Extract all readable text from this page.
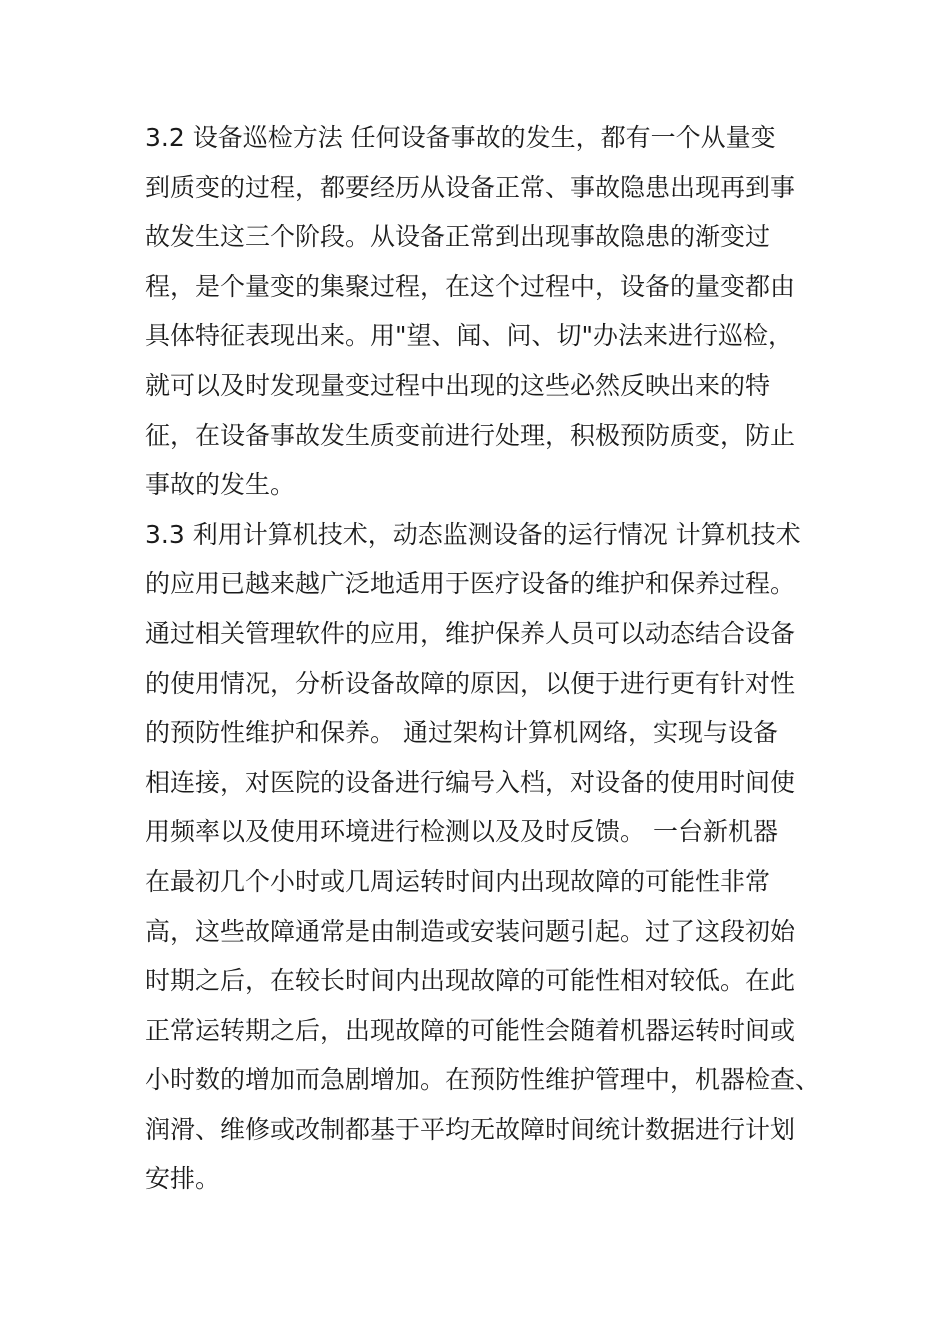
3.2 设备巡检方法 任何设备事故的发生，都有一个从量变
到质变的过程，都要经历从设备正常、事故隐患出现再到事
故发生这三个阶段。从设备正常到出现事故隐患的渐变过
程，是个量变的集聚过程，在这个过程中，设备的量变都由
具体特征表现出来。用"望、闻、问、切"办法来进行巡检，
就可以及时发现量变过程中出现的这些必然反映出来的特
征，在设备事故发生质变前进行处理，积极预防质变，防止
事故的发生。
3.3 利用计算机技术，动态监测设备的运行情况 计算机技术
的应用已越来越广泛地适用于医疗设备的维护和保养过程。
通过相关管理软件的应用，维护保养人员可以动态结合设备
的使用情况，分析设备故障的原因，以便于进行更有针对性
的预防性维护和保养。 通过架构计算机网络，实现与设备
相连接，对医院的设备进行编号入档，对设备的使用时间使
用频率以及使用环境进行检测以及及时反馈。 一台新机器
在最初几个小时或几周运转时间内出现故障的可能性非常
高，这些故障通常是由制造或安装问题引起。过了这段初始
时期之后，在较长时间内出现故障的可能性相对较低。在此
正常运转期之后，出现故障的可能性会随着机器运转时间或
小时数的增加而急剧增加。在预防性维护管理中，机器检查、
润滑、维修或改制都基于平均无故障时间统计数据进行计划
安排。
